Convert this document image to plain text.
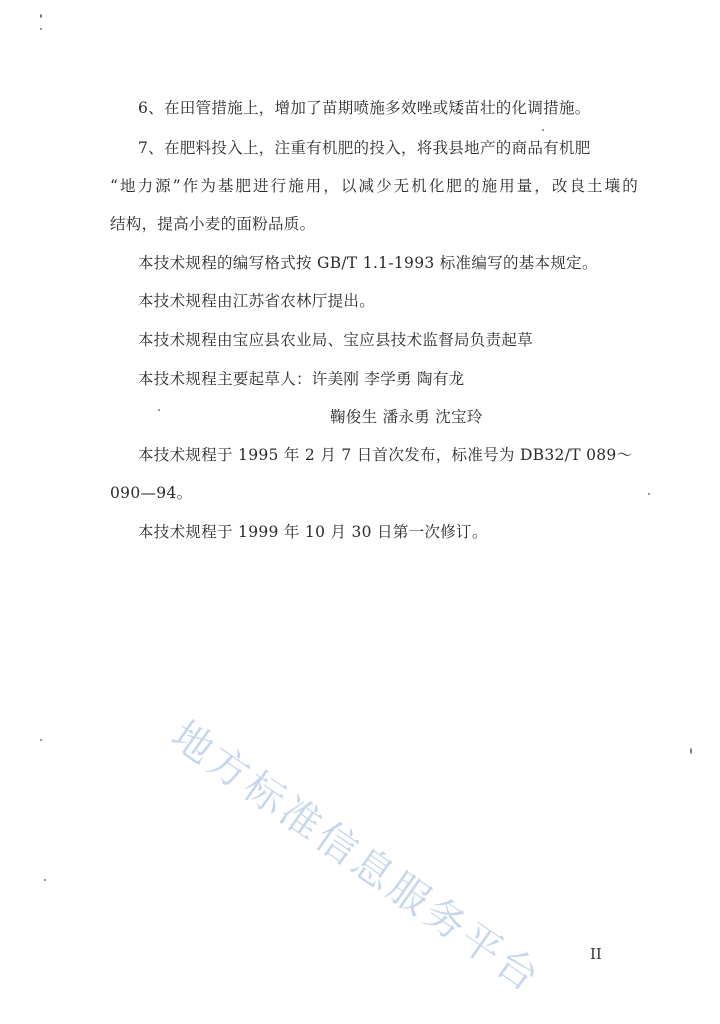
6、在田管措施上，增加了苗期喷施多效唑或矮苗壮的化调措施。
7、在肥料投入上，注重有机肥的投入，将我县地产的商品有机肥
“地力源”作为基肥进行施用，以减少无机化肥的施用量，改良土壤的
结构，提高小麦的面粉品质。
本技术规程的编写格式按 GB/T 1.1-1993 标准编写的基本规定。
本技术规程由江苏省农林厅提出。
本技术规程由宝应县农业局、宝应县技术监督局负责起草
本技术规程主要起草人：许美刚 李学勇 陶有龙
鞠俊生 潘永勇 沈宝玲
本技术规程于 1995 年 2 月 7 日首次发布，标准号为 DB32/T 089～
090—94。
本技术规程于 1999 年 10 月 30 日第一次修订。
地方标准信息服务平台	II
